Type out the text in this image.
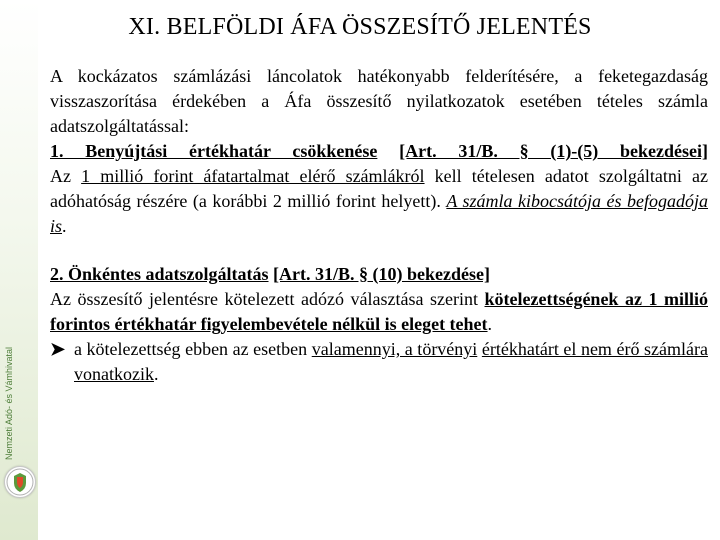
Nemzeti Adó- és Vámhivatal
XI. BELFÖLDI ÁFA ÖSSZESÍTŐ JELENTÉS

A kockázatos számlázási láncolatok hatékonyabb felderítésére, a feketegazdaság visszaszorítása érdekében a Áfa összesítő nyilatkozatok esetében tételes számla adatszolgáltatással:

1. Benyújtási értékhatár csökkenése [Art. 31/B. § (1)-(5) bekezdései]

Az 1 millió forint áfatartalmat elérő számlákról kell tételesen adatot szolgáltatni az adóhatóság részére (a korábbi 2 millió forint helyett). A számla kibocsátója és befogadója is.

2. Önkéntes adatszolgáltatás [Art. 31/B. § (10) bekezdése]

Az összesítő jelentésre kötelezett adózó választása szerint kötelezettségének az 1 millió forintos értékhatár figyelembevétele nélkül is eleget tehet.

➤ a kötelezettség ebben az esetben valamennyi, a törvényi értékhatárt el nem érő számlára vonatkozik.
